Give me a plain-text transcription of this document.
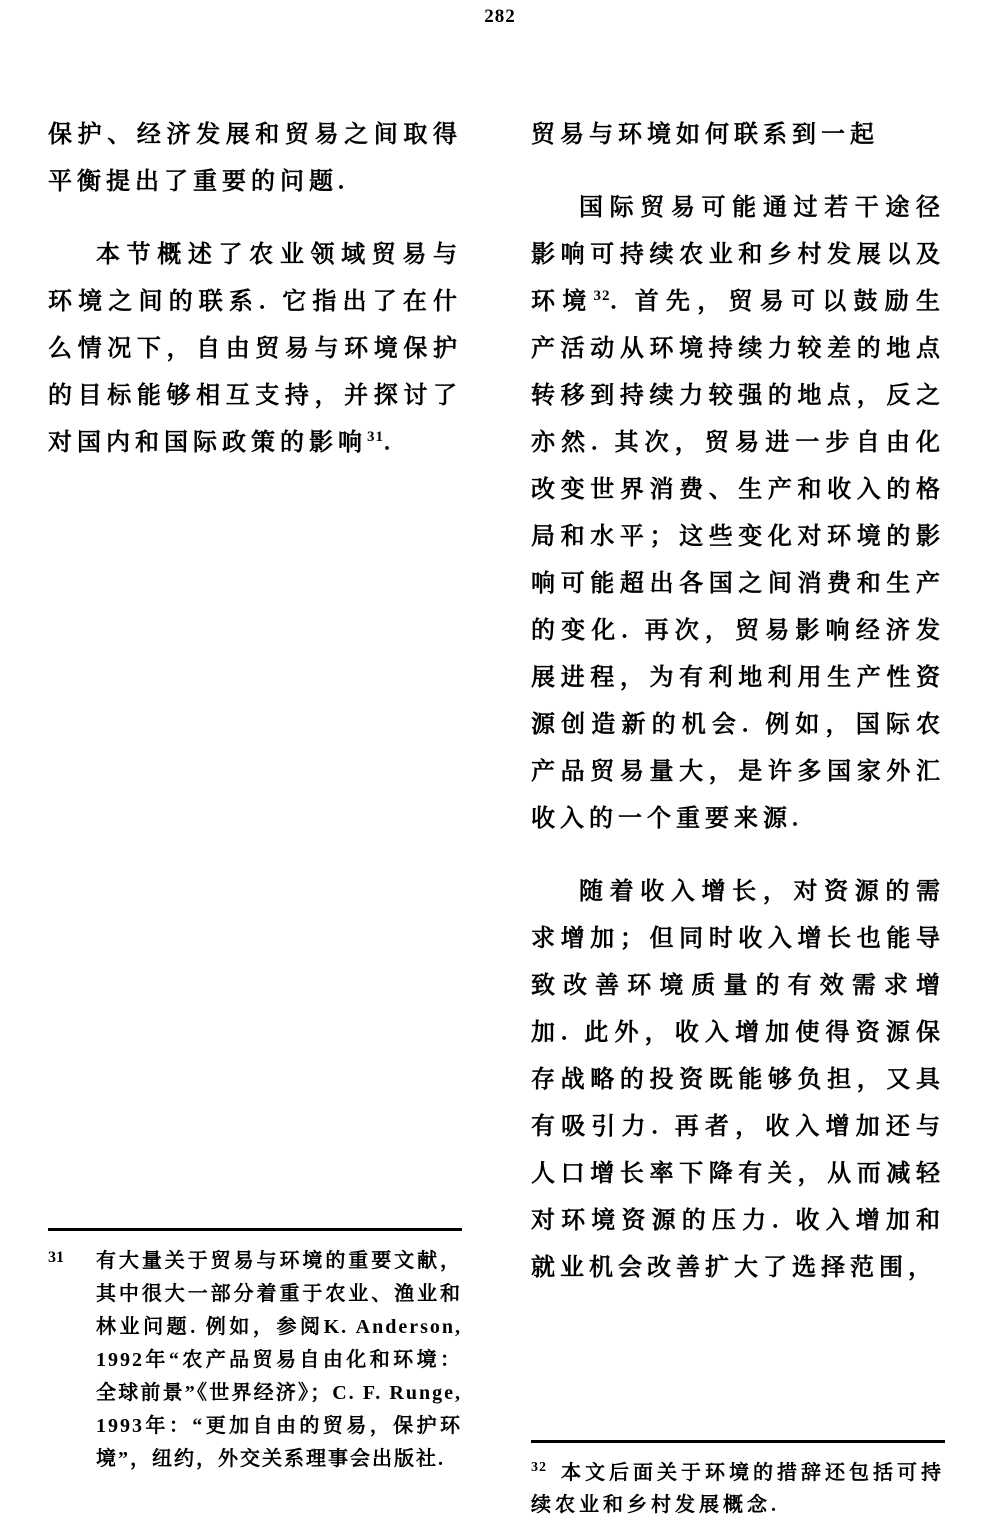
282

保护、经济发展和贸易之间取得平衡提出了重要的问题.

本节概述了农业领域贸易与环境之间的联系. 它指出了在什么情况下，自由贸易与环境保护的目标能够相互支持，并探讨了对国内和国际政策的影响$^{31}$.

贸易与环境如何联系到一起

国际贸易可能通过若干途径影响可持续农业和乡村发展以及环境$^{32}$. 首先，贸易可以鼓励生产活动从环境持续力较差的地点转移到持续力较强的地点，反之亦然. 其次，贸易进一步自由化改变世界消费、生产和收入的格局和水平；这些变化对环境的影响可能超出各国之间消费和生产的变化. 再次，贸易影响经济发展进程，为有利地利用生产性资源创造新的机会. 例如，国际农产品贸易量大，是许多国家外汇收入的一个重要来源.

随着收入增长，对资源的需求增加；但同时收入增长也能导致改善环境质量的有效需求增加. 此外，收入增加使得资源保存战略的投资既能够负担，又具有吸引力. 再者，收入增加还与人口增长率下降有关，从而减轻对环境资源的压力. 收入增加和就业机会改善扩大了选择范围，

31	有大量关于贸易与环境的重要文献，其中很大一部分着重于农业、渔业和林业问题. 例如，参阅K. Anderson, 1992年“农产品贸易自由化和环境：全球前景”《世界经济》；C. F. Runge, 1993年：“更加自由的贸易，保护环境”，纽约，外交关系理事会出版社.	$^{32}$ 本文后面关于环境的措辞还包括可持续农业和乡村发展概念.
